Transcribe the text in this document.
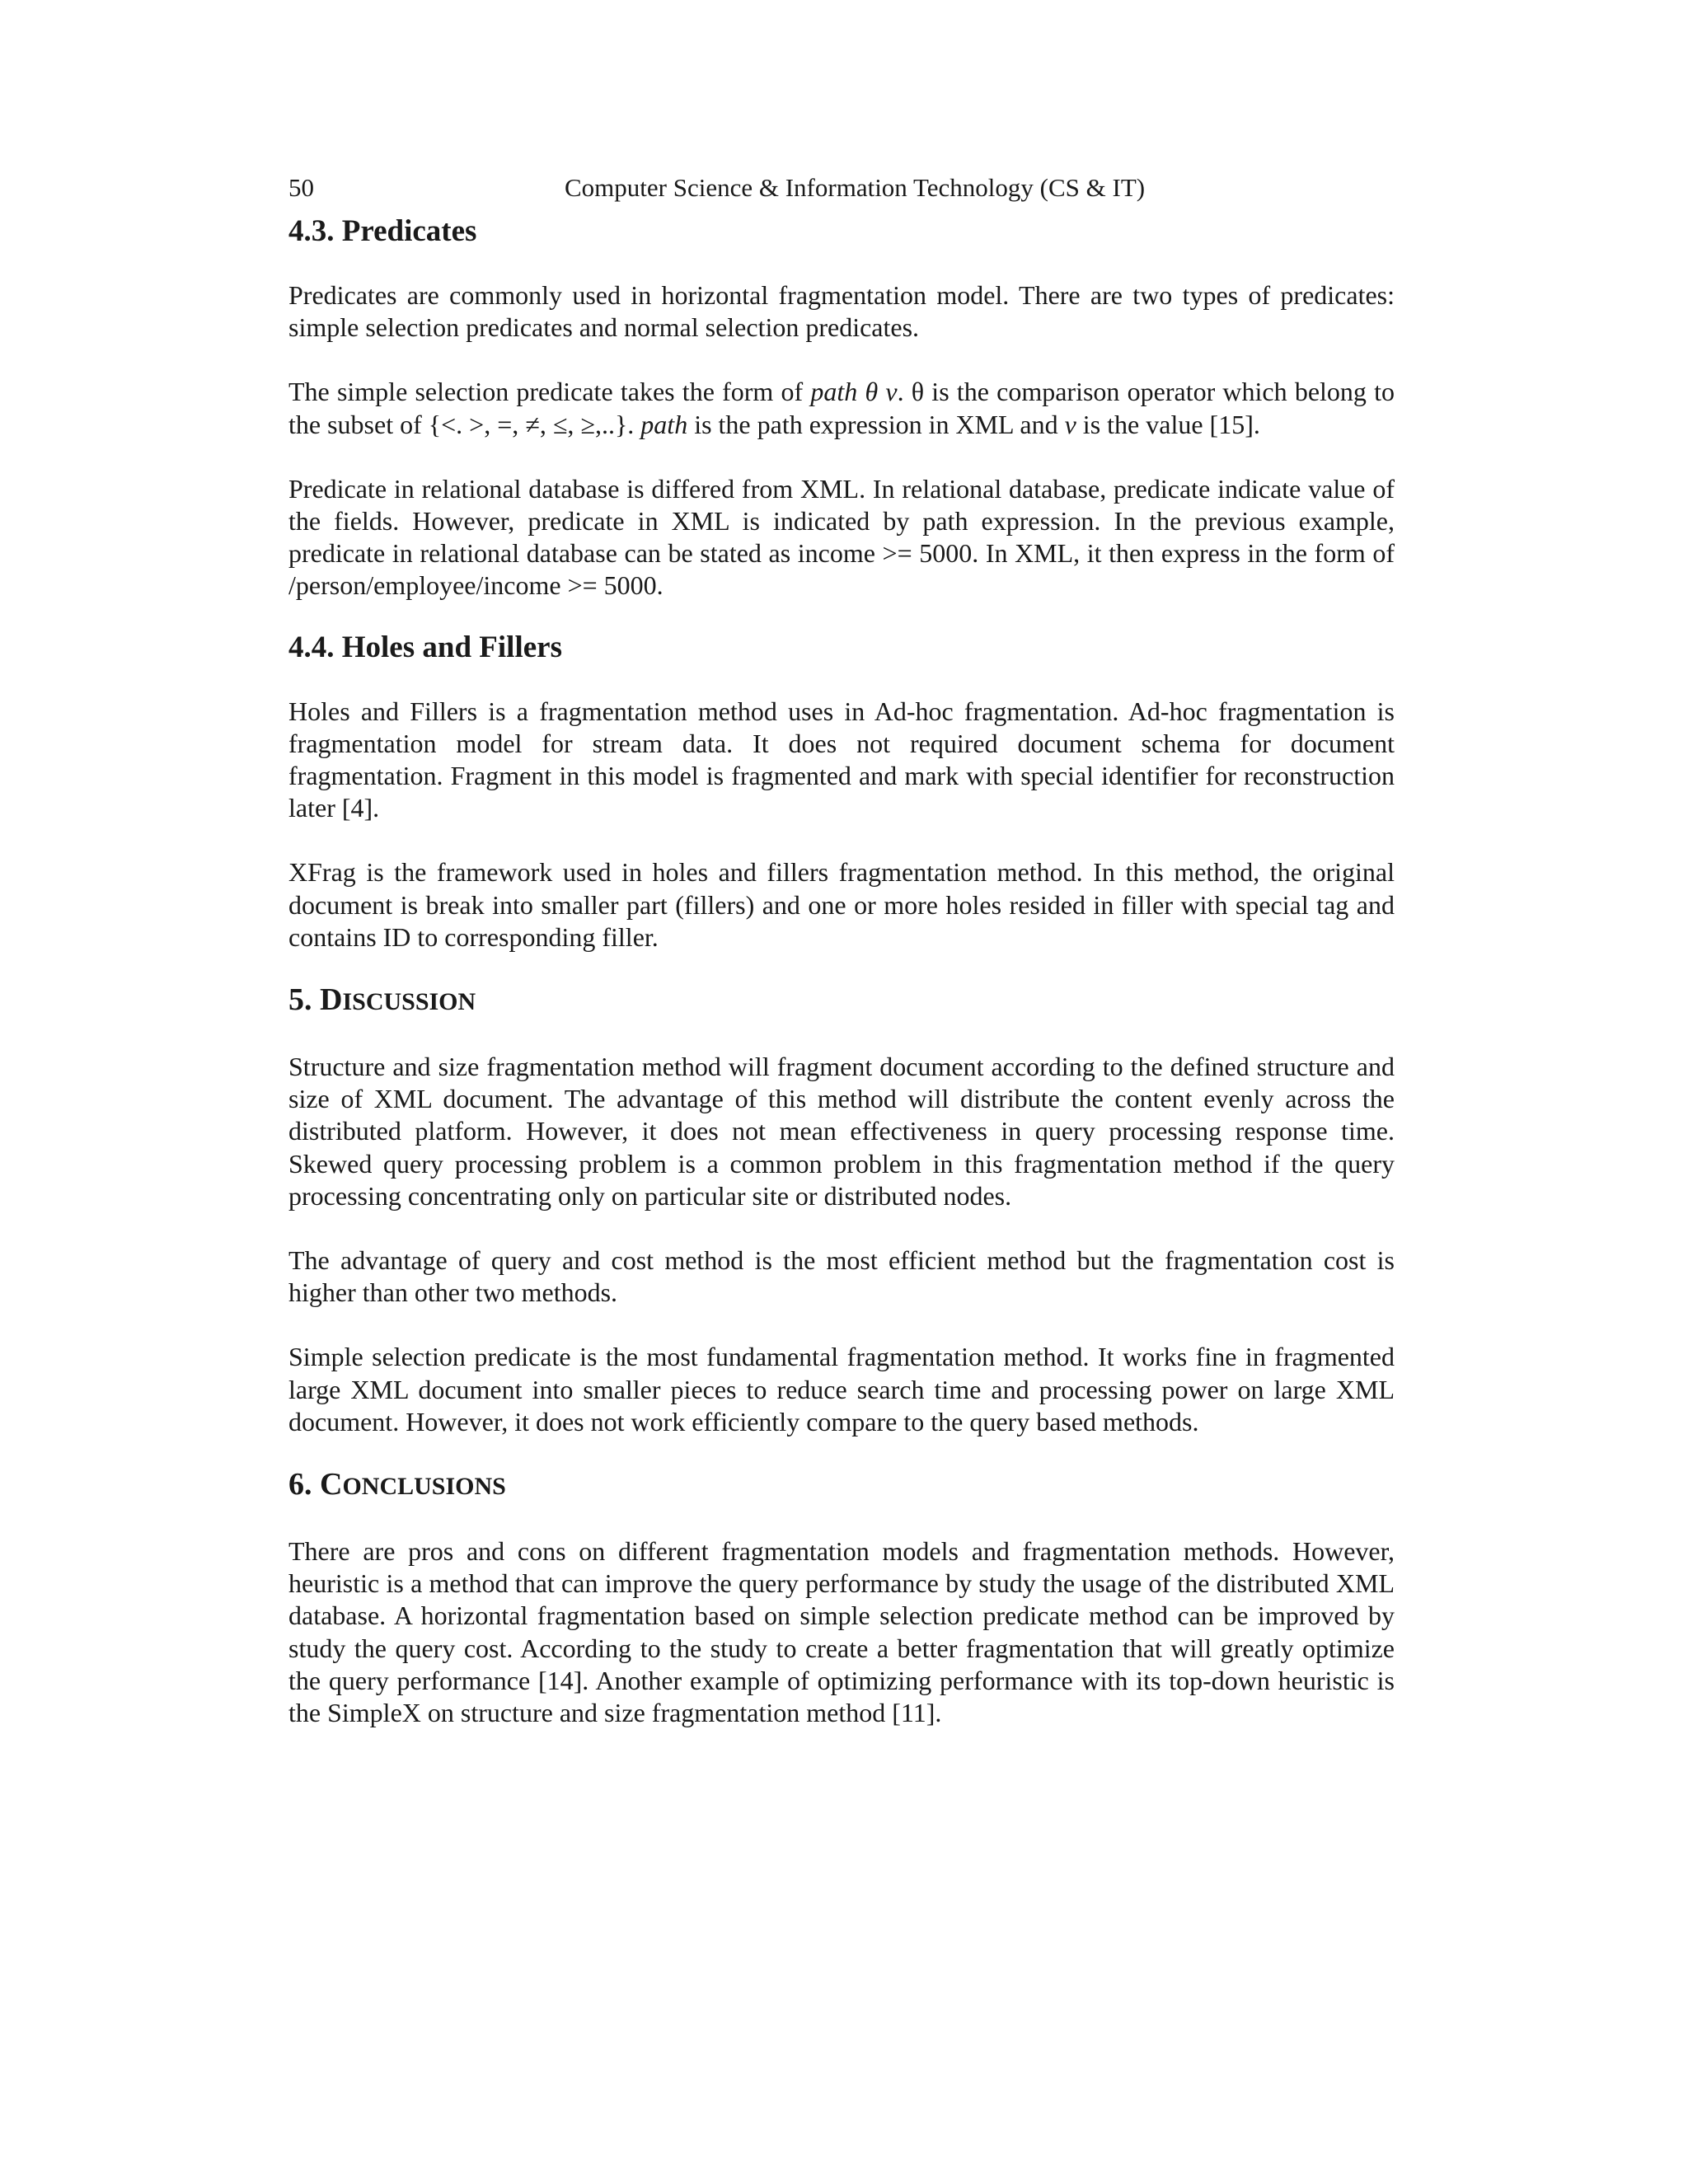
50	Computer Science & Information Technology (CS & IT)
4.3. Predicates

Predicates are commonly used in horizontal fragmentation model. There are two types of predicates: simple selection predicates and normal selection predicates.

The simple selection predicate takes the form of path θ v. θ is the comparison operator which belong to the subset of {<. >, =, ≠, ≤, ≥,..}. path is the path expression in XML and v is the value [15].

Predicate in relational database is differed from XML. In relational database, predicate indicate value of the fields. However, predicate in XML is indicated by path expression. In the previous example, predicate in relational database can be stated as income >= 5000. In XML, it then express in the form of /person/employee/income >= 5000.

4.4. Holes and Fillers

Holes and Fillers is a fragmentation method uses in Ad-hoc fragmentation. Ad-hoc fragmentation is fragmentation model for stream data. It does not required document schema for document fragmentation. Fragment in this model is fragmented and mark with special identifier for reconstruction later [4].

XFrag is the framework used in holes and fillers fragmentation method. In this method, the original document is break into smaller part (fillers) and one or more holes resided in filler with special tag and contains ID to corresponding filler.

5. DISCUSSION

Structure and size fragmentation method will fragment document according to the defined structure and size of XML document. The advantage of this method will distribute the content evenly across the distributed platform. However, it does not mean effectiveness in query processing response time. Skewed query processing problem is a common problem in this fragmentation method if the query processing concentrating only on particular site or distributed nodes.

The advantage of query and cost method is the most efficient method but the fragmentation cost is higher than other two methods.

Simple selection predicate is the most fundamental fragmentation method. It works fine in fragmented large XML document into smaller pieces to reduce search time and processing power on large XML document. However, it does not work efficiently compare to the query based methods.

6. CONCLUSIONS

There are pros and cons on different fragmentation models and fragmentation methods. However, heuristic is a method that can improve the query performance by study the usage of the distributed XML database. A horizontal fragmentation based on simple selection predicate method can be improved by study the query cost. According to the study to create a better fragmentation that will greatly optimize the query performance [14]. Another example of optimizing performance with its top-down heuristic is the SimpleX on structure and size fragmentation method [11].
